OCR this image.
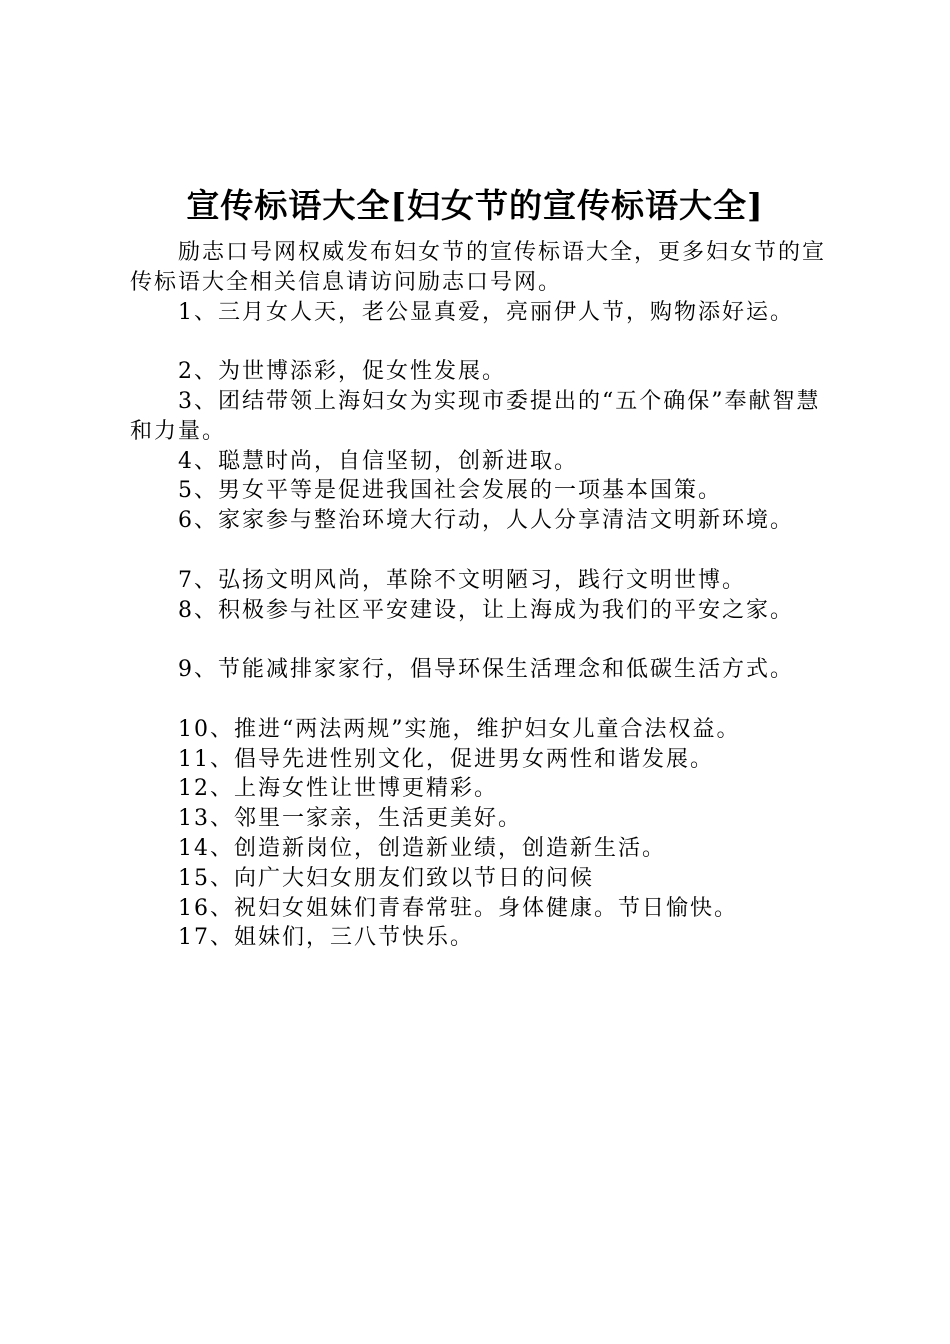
宣传标语大全[妇女节的宣传标语大全]

励志口号网权威发布妇女节的宣传标语大全，更多妇女节的宣传标语大全相关信息请访问励志口号网。

1、三月女人天，老公显真爱，亮丽伊人节，购物添好运。

2、为世博添彩，促女性发展。

3、团结带领上海妇女为实现市委提出的“五个确保”奉献智慧和力量。

4、聪慧时尚，自信坚韧，创新进取。

5、男女平等是促进我国社会发展的一项基本国策。

6、家家参与整治环境大行动，人人分享清洁文明新环境。

7、弘扬文明风尚，革除不文明陋习，践行文明世博。

8、积极参与社区平安建设，让上海成为我们的平安之家。

9、节能减排家家行，倡导环保生活理念和低碳生活方式。

10、推进“两法两规”实施，维护妇女儿童合法权益。

11、倡导先进性别文化，促进男女两性和谐发展。

12、上海女性让世博更精彩。

13、邻里一家亲，生活更美好。

14、创造新岗位，创造新业绩，创造新生活。

15、向广大妇女朋友们致以节日的问候

16、祝妇女姐妹们青春常驻。身体健康。节日愉快。

17、姐妹们，三八节快乐。
